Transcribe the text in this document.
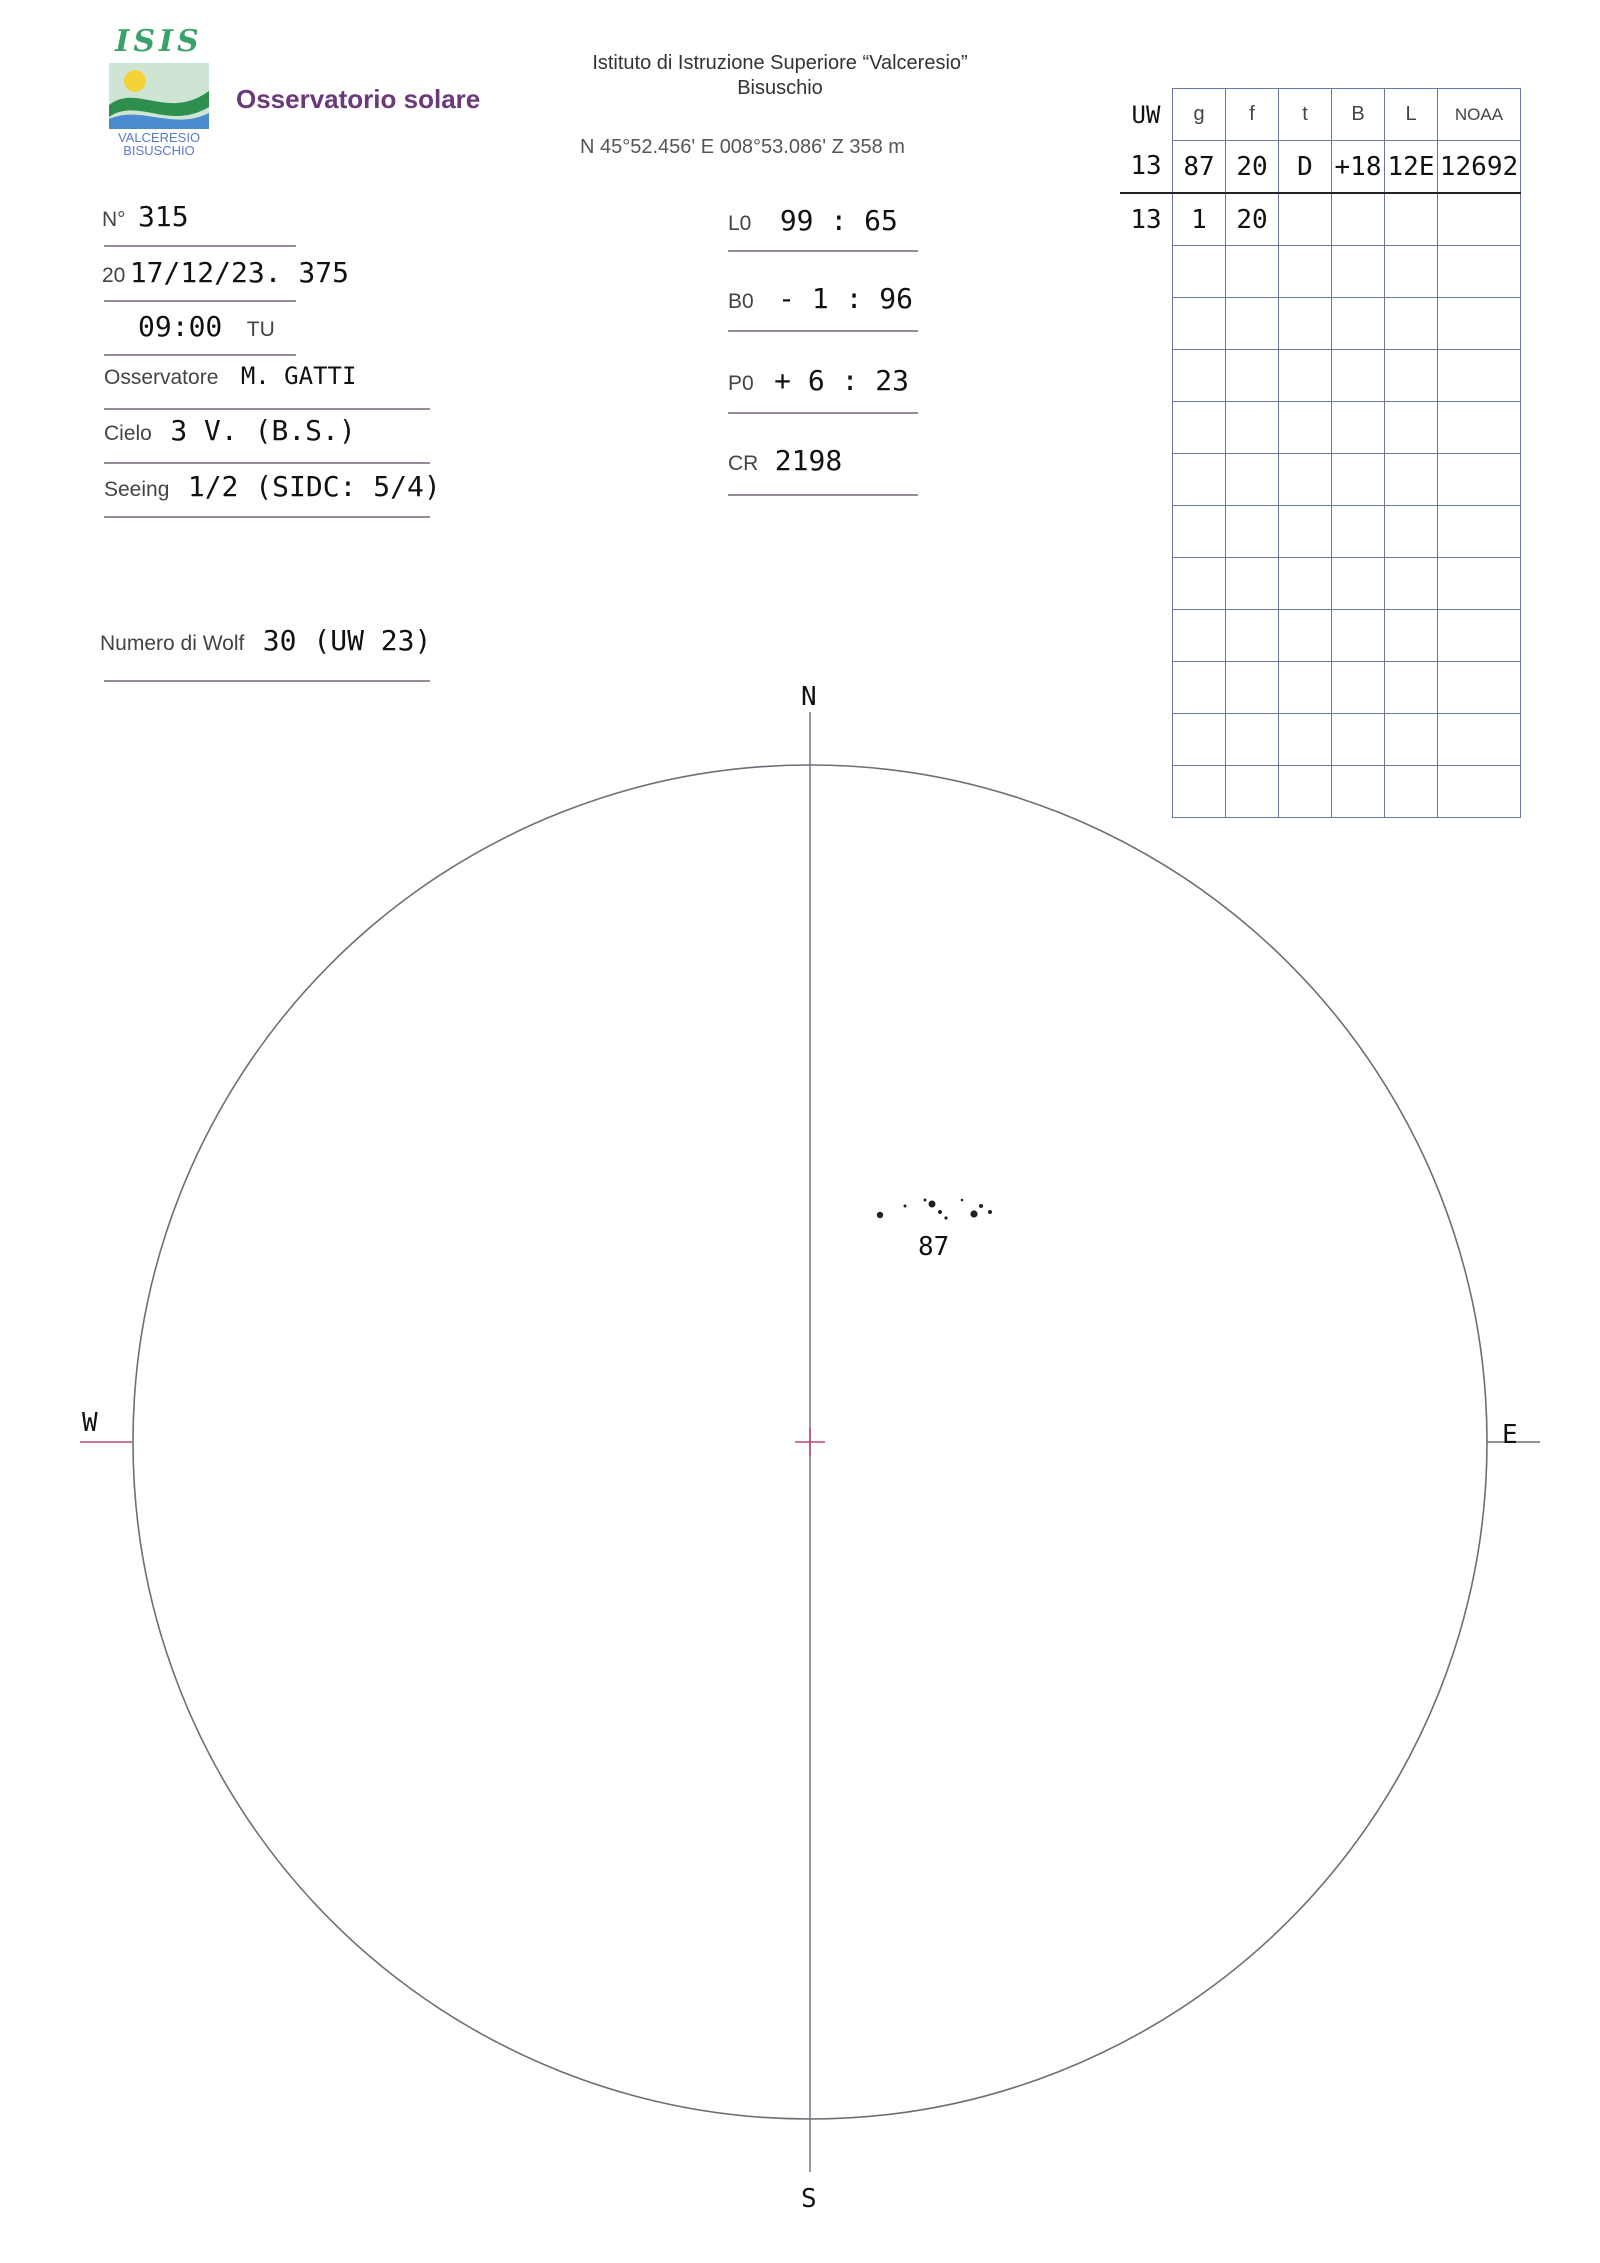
ISIS
VALCERESIO
BISUSCHIO
Osservatorio solare
Istituto di Istruzione Superiore “Valceresio”
Bisuschio
N 45°52.456' E 008°53.086' Z 358 m
N° 315
20 17/12/23. 375
09:00 TU
Osservatore M. GATTI
Cielo 3 V. (B.S.)
Seeing 1/2 (SIDC: 5/4)
Numero di Wolf 30 (UW 23)
L0 99 : 65
B0 - 1 : 96
P0 + 6 : 23
CR 2198
UW	g	f	t	B	L	NOAA
13	87	20	D	+18	12E	12692
13	1	20				

N
S
W	E
87
